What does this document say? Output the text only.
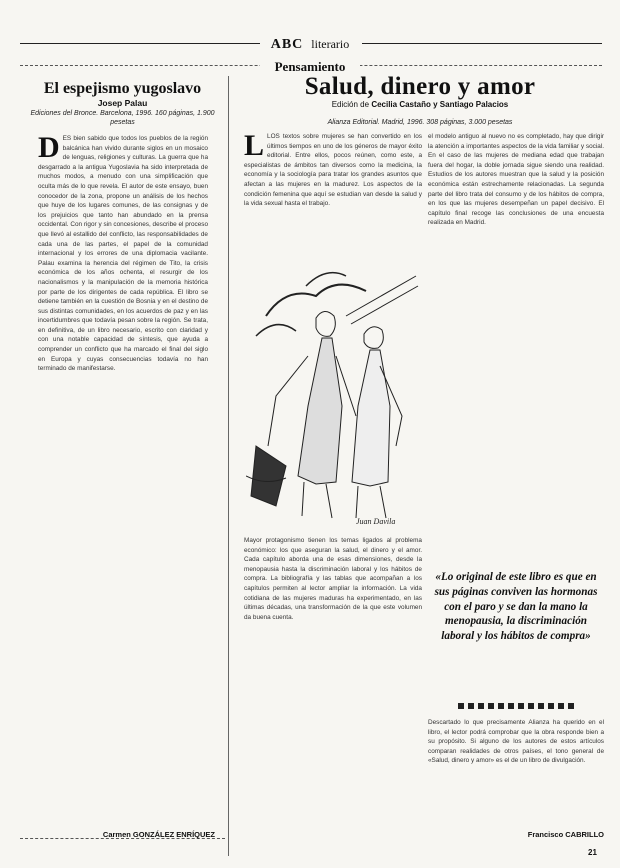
ABC literario
Pensamiento
El espejismo yugoslavo
Josep Palau
Ediciones del Bronce. Barcelona, 1996. 160 páginas, 1.900 pesetas
DES bien sabido que todos los pueblos de la región balcánica han vivido durante siglos en un mosaico de lenguas, religiones y culturas. La guerra que ha desgarrado a la antigua Yugoslavia ha sido interpretada de muchos modos, a menudo con una simplificación que oculta más de lo que revela. El autor de este ensayo, buen conocedor de la zona, propone un análisis de los hechos que huye de los lugares comunes, de las consignas y de los prejuicios que tanto han abundado en la prensa occidental. Con rigor y sin concesiones, describe el proceso que llevó al estallido del conflicto, las responsabilidades de cada una de las partes, el papel de la comunidad internacional y los errores de una diplomacia vacilante. Palau examina la herencia del régimen de Tito, la crisis económica de los años ochenta, el resurgir de los nacionalismos y la manipulación de la memoria histórica por parte de los dirigentes de cada república. El libro se detiene también en la cuestión de Bosnia y en el destino de sus distintas comunidades, en los acuerdos de paz y en las incertidumbres que todavía pesan sobre la región. Se trata, en definitiva, de un libro necesario, escrito con claridad y con una notable capacidad de síntesis, que ayuda a comprender un conflicto que ha marcado el final del siglo en Europa y cuyas consecuencias todavía no han terminado de manifestarse.
Carmen GONZÁLEZ ENRÍQUEZ
Salud, dinero y amor
Edición de Cecilia Castaño y Santiago Palacios
Alianza Editorial. Madrid, 1996. 308 páginas, 3.000 pesetas
LLOS textos sobre mujeres se han convertido en los últimos tiempos en uno de los géneros de mayor éxito editorial. Entre ellos, pocos reúnen, como este, a especialistas de ámbitos tan diversos como la medicina, la economía y la sociología para tratar los grandes asuntos que afectan a las mujeres en la madurez. Los aspectos de la condición femenina que aquí se estudian van desde la salud y la vida sexual hasta el trabajo.
Juan Davila
Mayor protagonismo tienen los temas ligados al problema económico: los que aseguran la salud, el dinero y el amor. Cada capítulo aborda una de esas dimensiones, desde la menopausia hasta la discriminación laboral y los hábitos de compra. La bibliografía y las tablas que acompañan a los capítulos permiten al lector ampliar la información. La vida cotidiana de las mujeres maduras ha experimentado, en las últimas décadas, una transformación de la que este volumen da buena cuenta.
el modelo antiguo al nuevo no es completado, hay que dirigir la atención a importantes aspectos de la vida familiar y social. En el caso de las mujeres de mediana edad que trabajan fuera del hogar, la doble jornada sigue siendo una realidad. Estudios de los autores muestran que la salud y la posición económica están estrechamente relacionadas. La segunda parte del libro trata del consumo y de los hábitos de compra, en los que las mujeres desempeñan un papel decisivo. El capítulo final recoge las conclusiones de una encuesta realizada en Madrid.
«Lo original de este libro es que en sus páginas conviven las hormonas con el paro y se dan la mano la menopausia, la discriminación laboral y los hábitos de compra»
Descartado lo que precisamente Alianza ha querido en el libro, el lector podrá comprobar que la obra responde bien a su propósito. Si alguno de los autores de estos artículos comparan realidades de otros países, el tono general de «Salud, dinero y amor» es el de un libro de divulgación.
Francisco CABRILLO
21
